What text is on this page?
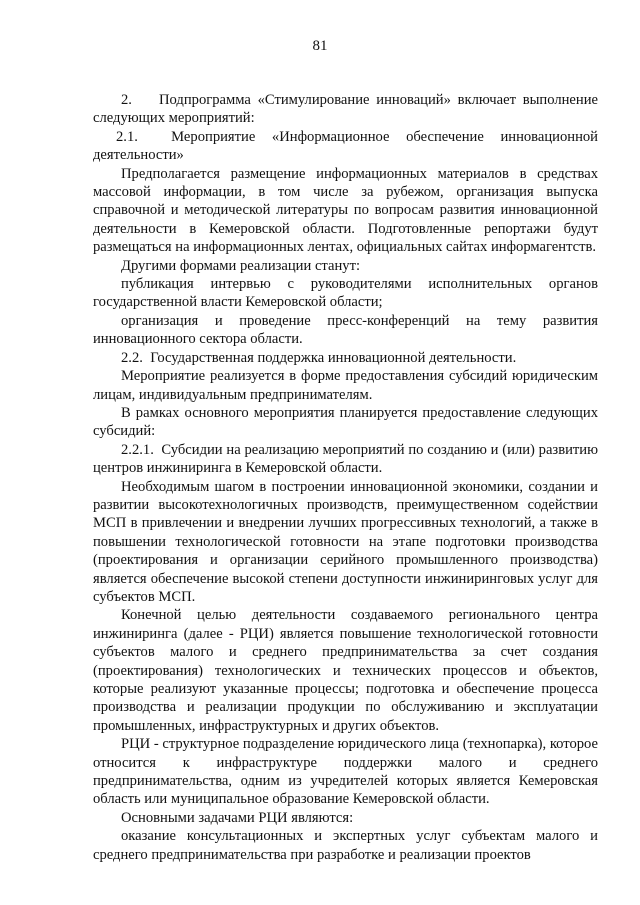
81

2.    Подпрограмма «Стимулирование инноваций» включает выполнение следующих мероприятий:

2.1.  Мероприятие «Информационное обеспечение инновационной деятельности»

Предполагается размещение информационных материалов в средствах массовой информации, в том числе за рубежом, организация выпуска справочной и методической литературы по вопросам развития инновационной деятельности в Кемеровской области. Подготовленные репортажи будут размещаться на информационных лентах, официальных сайтах информагентств.

Другими формами реализации станут:

публикация интервью с руководителями исполнительных органов государственной власти Кемеровской области;

организация и проведение пресс-конференций на тему развития инновационного сектора области.

2.2.  Государственная поддержка инновационной деятельности.

Мероприятие реализуется в форме предоставления субсидий юридическим лицам, индивидуальным предпринимателям.

В рамках основного мероприятия планируется предоставление следующих субсидий:

2.2.1.  Субсидии на реализацию мероприятий по созданию и (или) развитию центров инжиниринга в Кемеровской области.

Необходимым шагом в построении инновационной экономики, создании и развитии высокотехнологичных производств, преимущественном содействии МСП в привлечении и внедрении лучших прогрессивных технологий, а также в повышении технологической готовности на этапе подготовки производства (проектирования и организации серийного промышленного производства) является обеспечение высокой степени доступности инжиниринговых услуг для субъектов МСП.

Конечной целью деятельности создаваемого регионального центра инжиниринга (далее - РЦИ) является повышение технологической готовности субъектов малого и среднего предпринимательства за счет создания (проектирования) технологических и технических процессов и объектов, которые реализуют указанные процессы; подготовка и обеспечение процесса производства и реализации продукции по обслуживанию и эксплуатации промышленных, инфраструктурных и других объектов.

РЦИ - структурное подразделение юридического лица (технопарка), которое относится к инфраструктуре поддержки малого и среднего предпринимательства, одним из учредителей которых является Кемеровская область или муниципальное образование Кемеровской области.

Основными задачами РЦИ являются:

оказание консультационных и экспертных услуг субъектам малого и среднего предпринимательства при разработке и реализации проектов
